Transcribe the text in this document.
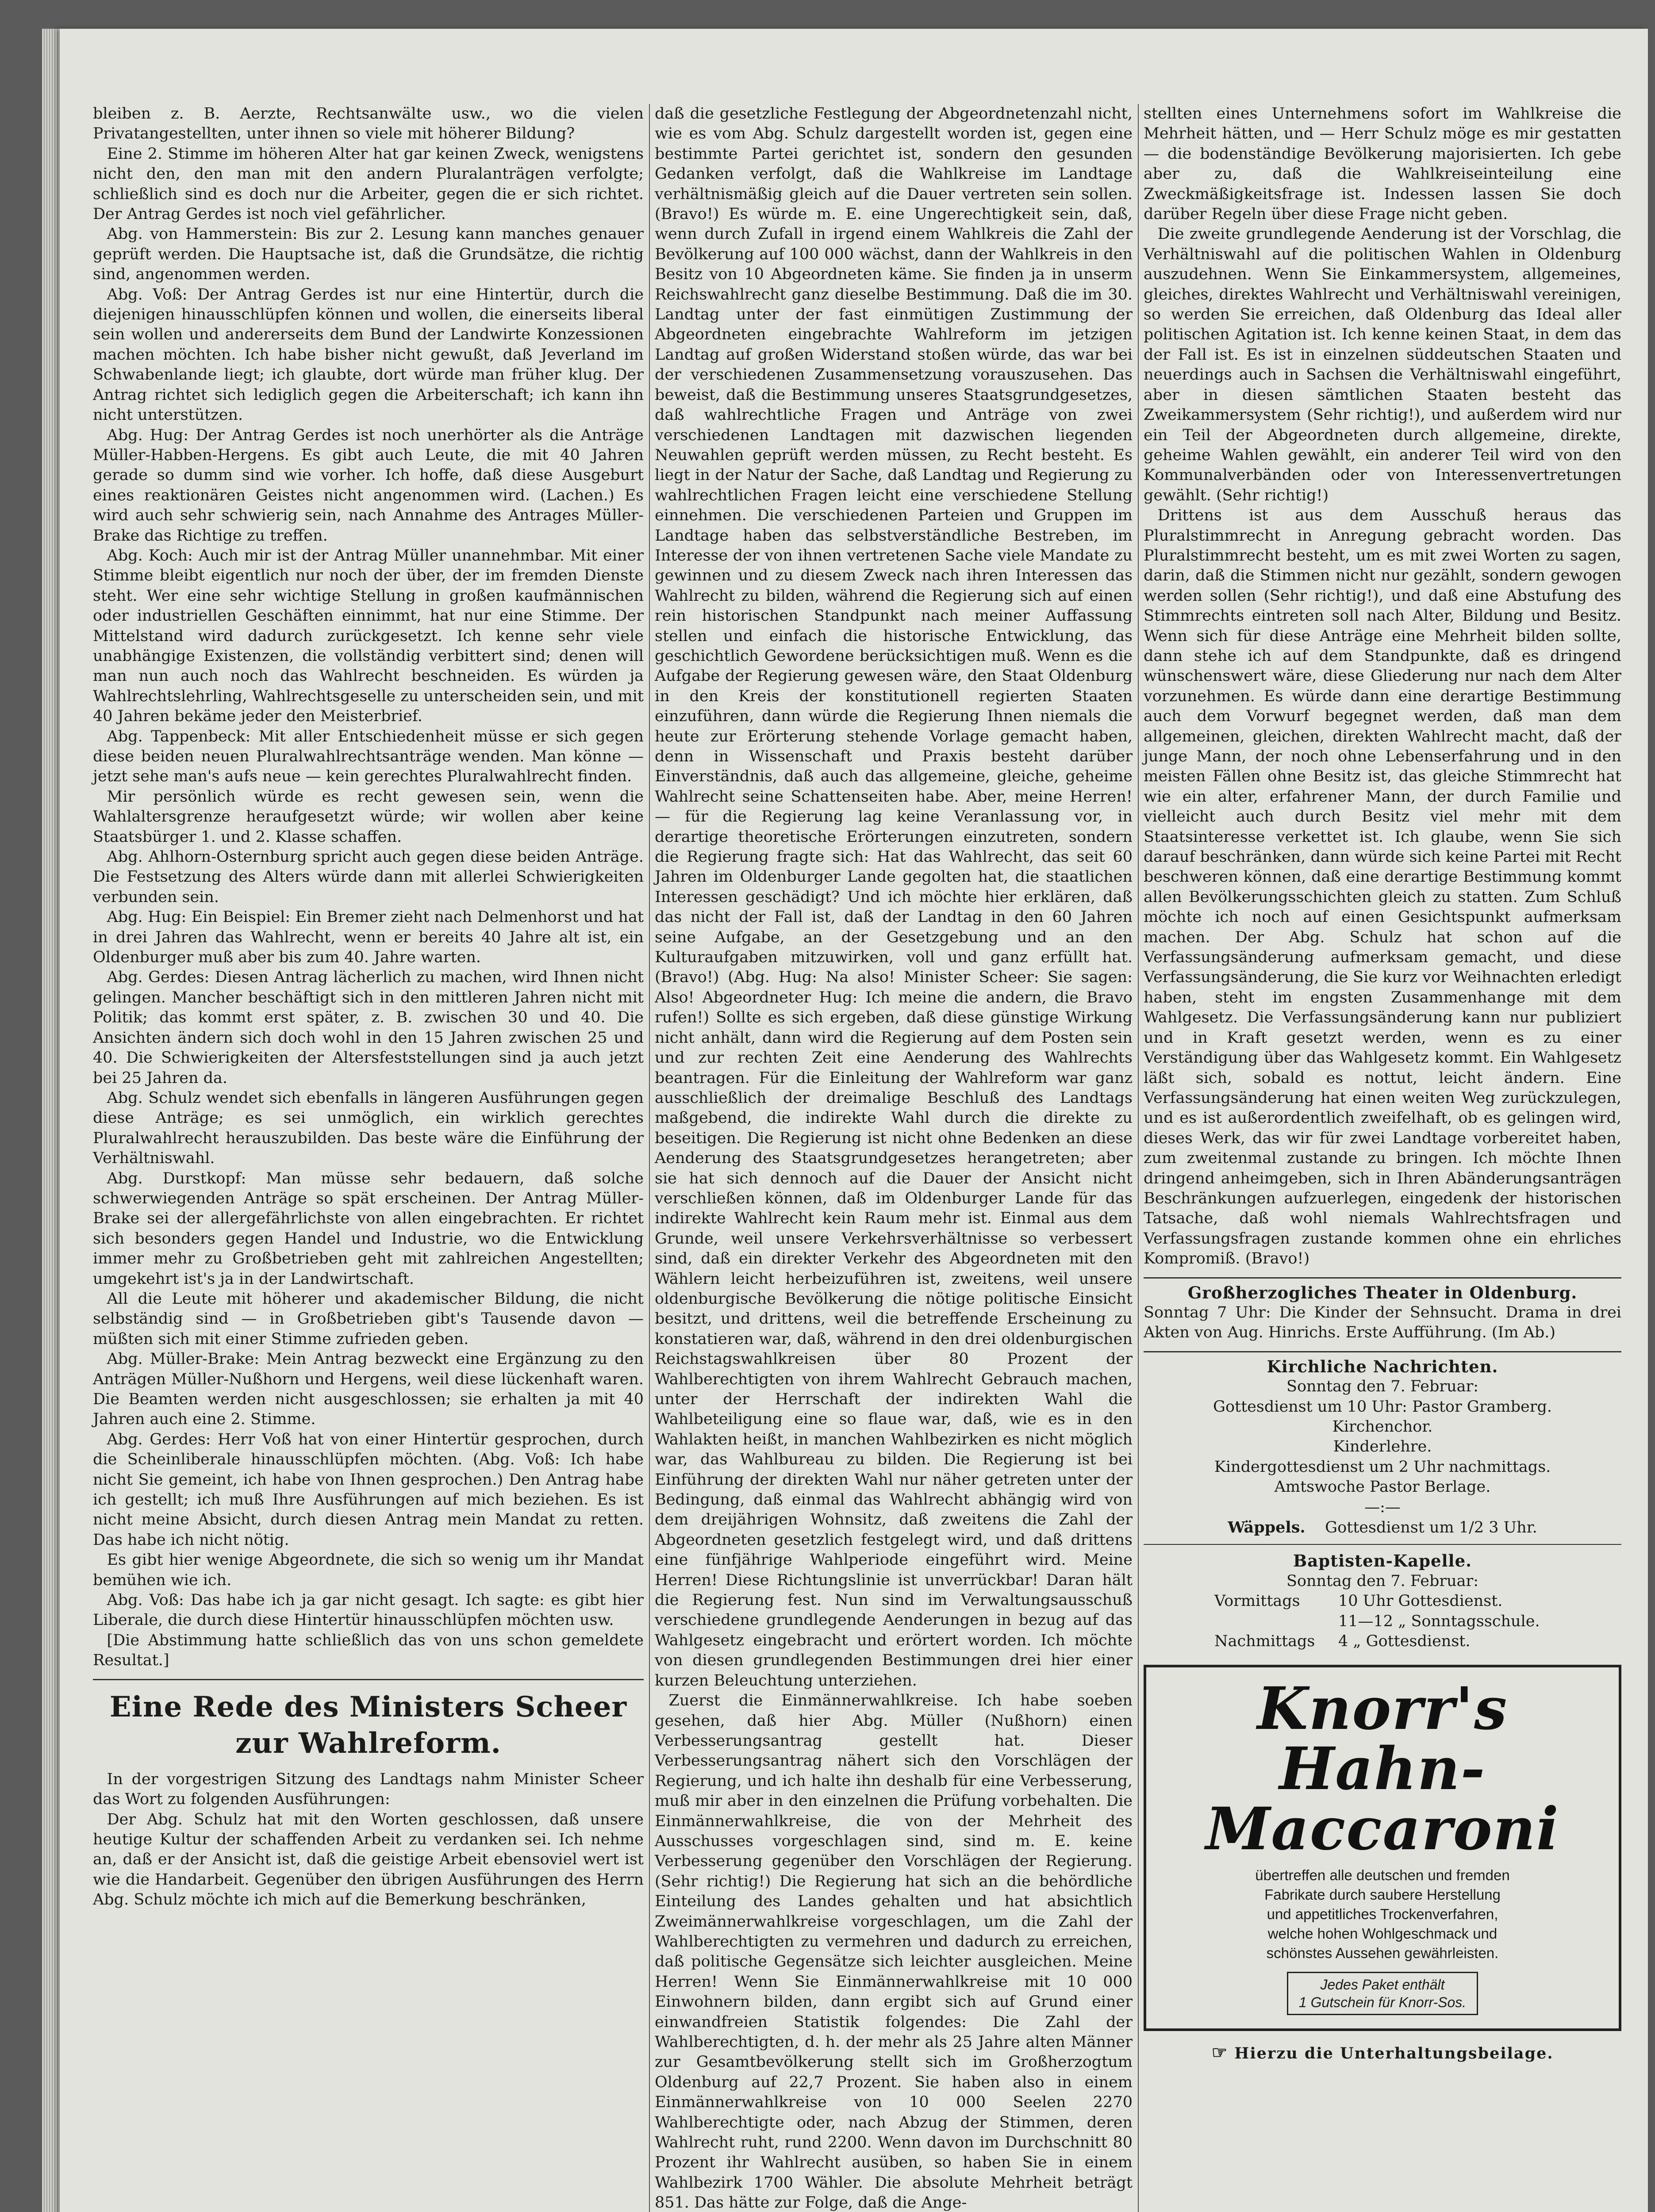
bleiben z. B. Aerzte, Rechtsanwälte usw., wo die vielen Privatangestellten, unter ihnen so viele mit höherer Bildung?

Eine 2. Stimme im höheren Alter hat gar keinen Zweck, wenigstens nicht den, den man mit den andern Pluralanträgen verfolgte; schließlich sind es doch nur die Arbeiter, gegen die er sich richtet. Der Antrag Gerdes ist noch viel gefährlicher.

Abg. von Hammerstein: Bis zur 2. Lesung kann manches genauer geprüft werden. Die Hauptsache ist, daß die Grundsätze, die richtig sind, angenommen werden.

Abg. Voß: Der Antrag Gerdes ist nur eine Hintertür, durch die diejenigen hinausschlüpfen können und wollen, die einerseits liberal sein wollen und andererseits dem Bund der Landwirte Konzessionen machen möchten. Ich habe bisher nicht gewußt, daß Jeverland im Schwabenlande liegt; ich glaubte, dort würde man früher klug. Der Antrag richtet sich lediglich gegen die Arbeiterschaft; ich kann ihn nicht unterstützen.

Abg. Hug: Der Antrag Gerdes ist noch unerhörter als die Anträge Müller-Habben-Hergens. Es gibt auch Leute, die mit 40 Jahren gerade so dumm sind wie vorher. Ich hoffe, daß diese Ausgeburt eines reaktionären Geistes nicht angenommen wird. (Lachen.) Es wird auch sehr schwierig sein, nach Annahme des Antrages Müller-Brake das Richtige zu treffen.

Abg. Koch: Auch mir ist der Antrag Müller unannehmbar. Mit einer Stimme bleibt eigentlich nur noch der über, der im fremden Dienste steht. Wer eine sehr wichtige Stellung in großen kaufmännischen oder industriellen Geschäften einnimmt, hat nur eine Stimme. Der Mittelstand wird dadurch zurückgesetzt. Ich kenne sehr viele unabhängige Existenzen, die vollständig verbittert sind; denen will man nun auch noch das Wahlrecht beschneiden. Es würden ja Wahlrechtslehrling, Wahlrechtsgeselle zu unterscheiden sein, und mit 40 Jahren bekäme jeder den Meisterbrief.

Abg. Tappenbeck: Mit aller Entschiedenheit müsse er sich gegen diese beiden neuen Pluralwahlrechtsanträge wenden. Man könne — jetzt sehe man's aufs neue — kein gerechtes Pluralwahlrecht finden.

Mir persönlich würde es recht gewesen sein, wenn die Wahlaltersgrenze heraufgesetzt würde; wir wollen aber keine Staatsbürger 1. und 2. Klasse schaffen.

Abg. Ahlhorn-Osternburg spricht auch gegen diese beiden Anträge. Die Festsetzung des Alters würde dann mit allerlei Schwierigkeiten verbunden sein.

Abg. Hug: Ein Beispiel: Ein Bremer zieht nach Delmenhorst und hat in drei Jahren das Wahlrecht, wenn er bereits 40 Jahre alt ist, ein Oldenburger muß aber bis zum 40. Jahre warten.

Abg. Gerdes: Diesen Antrag lächerlich zu machen, wird Ihnen nicht gelingen. Mancher beschäftigt sich in den mittleren Jahren nicht mit Politik; das kommt erst später, z. B. zwischen 30 und 40. Die Ansichten ändern sich doch wohl in den 15 Jahren zwischen 25 und 40. Die Schwierigkeiten der Altersfeststellungen sind ja auch jetzt bei 25 Jahren da.

Abg. Schulz wendet sich ebenfalls in längeren Ausführungen gegen diese Anträge; es sei unmöglich, ein wirklich gerechtes Pluralwahlrecht herauszubilden. Das beste wäre die Einführung der Verhältniswahl.

Abg. Durstkopf: Man müsse sehr bedauern, daß solche schwerwiegenden Anträge so spät erscheinen. Der Antrag Müller-Brake sei der allergefährlichste von allen eingebrachten. Er richtet sich besonders gegen Handel und Industrie, wo die Entwicklung immer mehr zu Großbetrieben geht mit zahlreichen Angestellten; umgekehrt ist's ja in der Landwirtschaft.

All die Leute mit höherer und akademischer Bildung, die nicht selbständig sind — in Großbetrieben gibt's Tausende davon — müßten sich mit einer Stimme zufrieden geben.

Abg. Müller-Brake: Mein Antrag bezweckt eine Ergänzung zu den Anträgen Müller-Nußhorn und Hergens, weil diese lückenhaft waren. Die Beamten werden nicht ausgeschlossen; sie erhalten ja mit 40 Jahren auch eine 2. Stimme.

Abg. Gerdes: Herr Voß hat von einer Hintertür gesprochen, durch die Scheinliberale hinausschlüpfen möchten. (Abg. Voß: Ich habe nicht Sie gemeint, ich habe von Ihnen gesprochen.) Den Antrag habe ich gestellt; ich muß Ihre Ausführungen auf mich beziehen. Es ist nicht meine Absicht, durch diesen Antrag mein Mandat zu retten. Das habe ich nicht nötig.

Es gibt hier wenige Abgeordnete, die sich so wenig um ihr Mandat bemühen wie ich.

Abg. Voß: Das habe ich ja gar nicht gesagt. Ich sagte: es gibt hier Liberale, die durch diese Hintertür hinausschlüpfen möchten usw.

[Die Abstimmung hatte schließlich das von uns schon gemeldete Resultat.]

Eine Rede des Ministers Scheer zur Wahlreform.

In der vorgestrigen Sitzung des Landtags nahm Minister Scheer das Wort zu folgenden Ausführungen:

Der Abg. Schulz hat mit den Worten geschlossen, daß unsere heutige Kultur der schaffenden Arbeit zu verdanken sei. Ich nehme an, daß er der Ansicht ist, daß die geistige Arbeit ebensoviel wert ist wie die Handarbeit. Gegenüber den übrigen Ausführungen des Herrn Abg. Schulz möchte ich mich auf die Bemerkung beschränken,

daß die gesetzliche Festlegung der Abgeordnetenzahl nicht, wie es vom Abg. Schulz dargestellt worden ist, gegen eine bestimmte Partei gerichtet ist, sondern den gesunden Gedanken verfolgt, daß die Wahlkreise im Landtage verhältnismäßig gleich auf die Dauer vertreten sein sollen. (Bravo!) Es würde m. E. eine Ungerechtigkeit sein, daß, wenn durch Zufall in irgend einem Wahlkreis die Zahl der Bevölkerung auf 100 000 wächst, dann der Wahlkreis in den Besitz von 10 Abgeordneten käme. Sie finden ja in unserm Reichswahlrecht ganz dieselbe Bestimmung. Daß die im 30. Landtag unter der fast einmütigen Zustimmung der Abgeordneten eingebrachte Wahlreform im jetzigen Landtag auf großen Widerstand stoßen würde, das war bei der verschiedenen Zusammensetzung vorauszusehen. Das beweist, daß die Bestimmung unseres Staatsgrundgesetzes, daß wahlrechtliche Fragen und Anträge von zwei verschiedenen Landtagen mit dazwischen liegenden Neuwahlen geprüft werden müssen, zu Recht besteht. Es liegt in der Natur der Sache, daß Landtag und Regierung zu wahlrechtlichen Fragen leicht eine verschiedene Stellung einnehmen. Die verschiedenen Parteien und Gruppen im Landtage haben das selbstverständliche Bestreben, im Interesse der von ihnen vertretenen Sache viele Mandate zu gewinnen und zu diesem Zweck nach ihren Interessen das Wahlrecht zu bilden, während die Regierung sich auf einen rein historischen Standpunkt nach meiner Auffassung stellen und einfach die historische Entwicklung, das geschichtlich Gewordene berücksichtigen muß. Wenn es die Aufgabe der Regierung gewesen wäre, den Staat Oldenburg in den Kreis der konstitutionell regierten Staaten einzuführen, dann würde die Regierung Ihnen niemals die heute zur Erörterung stehende Vorlage gemacht haben, denn in Wissenschaft und Praxis besteht darüber Einverständnis, daß auch das allgemeine, gleiche, geheime Wahlrecht seine Schattenseiten habe. Aber, meine Herren! — für die Regierung lag keine Veranlassung vor, in derartige theoretische Erörterungen einzutreten, sondern die Regierung fragte sich: Hat das Wahlrecht, das seit 60 Jahren im Oldenburger Lande gegolten hat, die staatlichen Interessen geschädigt? Und ich möchte hier erklären, daß das nicht der Fall ist, daß der Landtag in den 60 Jahren seine Aufgabe, an der Gesetzgebung und an den Kulturaufgaben mitzuwirken, voll und ganz erfüllt hat. (Bravo!) (Abg. Hug: Na also! Minister Scheer: Sie sagen: Also! Abgeordneter Hug: Ich meine die andern, die Bravo rufen!) Sollte es sich ergeben, daß diese günstige Wirkung nicht anhält, dann wird die Regierung auf dem Posten sein und zur rechten Zeit eine Aenderung des Wahlrechts beantragen. Für die Einleitung der Wahlreform war ganz ausschließlich der dreimalige Beschluß des Landtags maßgebend, die indirekte Wahl durch die direkte zu beseitigen. Die Regierung ist nicht ohne Bedenken an diese Aenderung des Staatsgrundgesetzes herangetreten; aber sie hat sich dennoch auf die Dauer der Ansicht nicht verschließen können, daß im Oldenburger Lande für das indirekte Wahlrecht kein Raum mehr ist. Einmal aus dem Grunde, weil unsere Verkehrsverhältnisse so verbessert sind, daß ein direkter Verkehr des Abgeordneten mit den Wählern leicht herbeizuführen ist, zweitens, weil unsere oldenburgische Bevölkerung die nötige politische Einsicht besitzt, und drittens, weil die betreffende Erscheinung zu konstatieren war, daß, während in den drei oldenburgischen Reichstagswahlkreisen über 80 Prozent der Wahlberechtigten von ihrem Wahlrecht Gebrauch machen, unter der Herrschaft der indirekten Wahl die Wahlbeteiligung eine so flaue war, daß, wie es in den Wahlakten heißt, in manchen Wahlbezirken es nicht möglich war, das Wahlbureau zu bilden. Die Regierung ist bei Einführung der direkten Wahl nur näher getreten unter der Bedingung, daß einmal das Wahlrecht abhängig wird von dem dreijährigen Wohnsitz, daß zweitens die Zahl der Abgeordneten gesetzlich festgelegt wird, und daß drittens eine fünfjährige Wahlperiode eingeführt wird. Meine Herren! Diese Richtungslinie ist unverrückbar! Daran hält die Regierung fest. Nun sind im Verwaltungsausschuß verschiedene grundlegende Aenderungen in bezug auf das Wahlgesetz eingebracht und erörtert worden. Ich möchte von diesen grundlegenden Bestimmungen drei hier einer kurzen Beleuchtung unterziehen.

Zuerst die Einmännerwahlkreise. Ich habe soeben gesehen, daß hier Abg. Müller (Nußhorn) einen Verbesserungsantrag gestellt hat. Dieser Verbesserungsantrag nähert sich den Vorschlägen der Regierung, und ich halte ihn deshalb für eine Verbesserung, muß mir aber in den einzelnen die Prüfung vorbehalten. Die Einmännerwahlkreise, die von der Mehrheit des Ausschusses vorgeschlagen sind, sind m. E. keine Verbesserung gegenüber den Vorschlägen der Regierung. (Sehr richtig!) Die Regierung hat sich an die behördliche Einteilung des Landes gehalten und hat absichtlich Zweimännerwahlkreise vorgeschlagen, um die Zahl der Wahlberechtigten zu vermehren und dadurch zu erreichen, daß politische Gegensätze sich leichter ausgleichen. Meine Herren! Wenn Sie Einmännerwahlkreise mit 10 000 Einwohnern bilden, dann ergibt sich auf Grund einer einwandfreien Statistik folgendes: Die Zahl der Wahlberechtigten, d. h. der mehr als 25 Jahre alten Männer zur Gesamtbevölkerung stellt sich im Großherzogtum Oldenburg auf 22,7 Prozent. Sie haben also in einem Einmännerwahlkreise von 10 000 Seelen 2270 Wahlberechtigte oder, nach Abzug der Stimmen, deren Wahlrecht ruht, rund 2200. Wenn davon im Durchschnitt 80 Prozent ihr Wahlrecht ausüben, so haben Sie in einem Wahlbezirk 1700 Wähler. Die absolute Mehrheit beträgt 851. Das hätte zur Folge, daß die Ange-

stellten eines Unternehmens sofort im Wahlkreise die Mehrheit hätten, und — Herr Schulz möge es mir gestatten — die bodenständige Bevölkerung majorisierten. Ich gebe aber zu, daß die Wahlkreiseinteilung eine Zweckmäßigkeitsfrage ist. Indessen lassen Sie doch darüber Regeln über diese Frage nicht geben.

Die zweite grundlegende Aenderung ist der Vorschlag, die Verhältniswahl auf die politischen Wahlen in Oldenburg auszudehnen. Wenn Sie Einkammersystem, allgemeines, gleiches, direktes Wahlrecht und Verhältniswahl vereinigen, so werden Sie erreichen, daß Oldenburg das Ideal aller politischen Agitation ist. Ich kenne keinen Staat, in dem das der Fall ist. Es ist in einzelnen süddeutschen Staaten und neuerdings auch in Sachsen die Verhältniswahl eingeführt, aber in diesen sämtlichen Staaten besteht das Zweikammersystem (Sehr richtig!), und außerdem wird nur ein Teil der Abgeordneten durch allgemeine, direkte, geheime Wahlen gewählt, ein anderer Teil wird von den Kommunalverbänden oder von Interessenvertretungen gewählt. (Sehr richtig!)

Drittens ist aus dem Ausschuß heraus das Pluralstimmrecht in Anregung gebracht worden. Das Pluralstimmrecht besteht, um es mit zwei Worten zu sagen, darin, daß die Stimmen nicht nur gezählt, sondern gewogen werden sollen (Sehr richtig!), und daß eine Abstufung des Stimmrechts eintreten soll nach Alter, Bildung und Besitz. Wenn sich für diese Anträge eine Mehrheit bilden sollte, dann stehe ich auf dem Standpunkte, daß es dringend wünschenswert wäre, diese Gliederung nur nach dem Alter vorzunehmen. Es würde dann eine derartige Bestimmung auch dem Vorwurf begegnet werden, daß man dem allgemeinen, gleichen, direkten Wahlrecht macht, daß der junge Mann, der noch ohne Lebenserfahrung und in den meisten Fällen ohne Besitz ist, das gleiche Stimmrecht hat wie ein alter, erfahrener Mann, der durch Familie und vielleicht auch durch Besitz viel mehr mit dem Staatsinteresse verkettet ist. Ich glaube, wenn Sie sich darauf beschränken, dann würde sich keine Partei mit Recht beschweren können, daß eine derartige Bestimmung kommt allen Bevölkerungsschichten gleich zu statten. Zum Schluß möchte ich noch auf einen Gesichtspunkt aufmerksam machen. Der Abg. Schulz hat schon auf die Verfassungsänderung aufmerksam gemacht, und diese Verfassungsänderung, die Sie kurz vor Weihnachten erledigt haben, steht im engsten Zusammenhange mit dem Wahlgesetz. Die Verfassungsänderung kann nur publiziert und in Kraft gesetzt werden, wenn es zu einer Verständigung über das Wahlgesetz kommt. Ein Wahlgesetz läßt sich, sobald es nottut, leicht ändern. Eine Verfassungsänderung hat einen weiten Weg zurückzulegen, und es ist außerordentlich zweifelhaft, ob es gelingen wird, dieses Werk, das wir für zwei Landtage vorbereitet haben, zum zweitenmal zustande zu bringen. Ich möchte Ihnen dringend anheimgeben, sich in Ihren Abänderungsanträgen Beschränkungen aufzuerlegen, eingedenk der historischen Tatsache, daß wohl niemals Wahlrechtsfragen und Verfassungsfragen zustande kommen ohne ein ehrliches Kompromiß. (Bravo!)

Großherzogliches Theater in Oldenburg.

Sonntag 7 Uhr: Die Kinder der Sehnsucht. Drama in drei Akten von Aug. Hinrichs. Erste Aufführung. (Im Ab.)

Kirchliche Nachrichten.
Sonntag den 7. Februar:
Gottesdienst um 10 Uhr: Pastor Gramberg.
Kirchenchor.
Kinderlehre.
Kindergottesdienst um 2 Uhr nachmittags.
Amtswoche Pastor Berlage.
—:—
Wäppels. Gottesdienst um 1/2 3 Uhr.
Baptisten-Kapelle.
Sonntag den 7. Februar:
Vormittags	10 Uhr Gottesdienst.
11—12 „ Sonntagsschule.
Nachmittags	4 „ Gottesdienst.
Knorr's
Hahn-
Maccaroni
übertreffen alle deutschen und fremden
Fabrikate durch saubere Herstellung
und appetitliches Trockenverfahren,
welche hohen Wohlgeschmack und
schönstes Aussehen gewährleisten.
Jedes Paket enthält
1 Gutschein für Knorr-Sos.
☞ Hierzu die Unterhaltungsbeilage.
